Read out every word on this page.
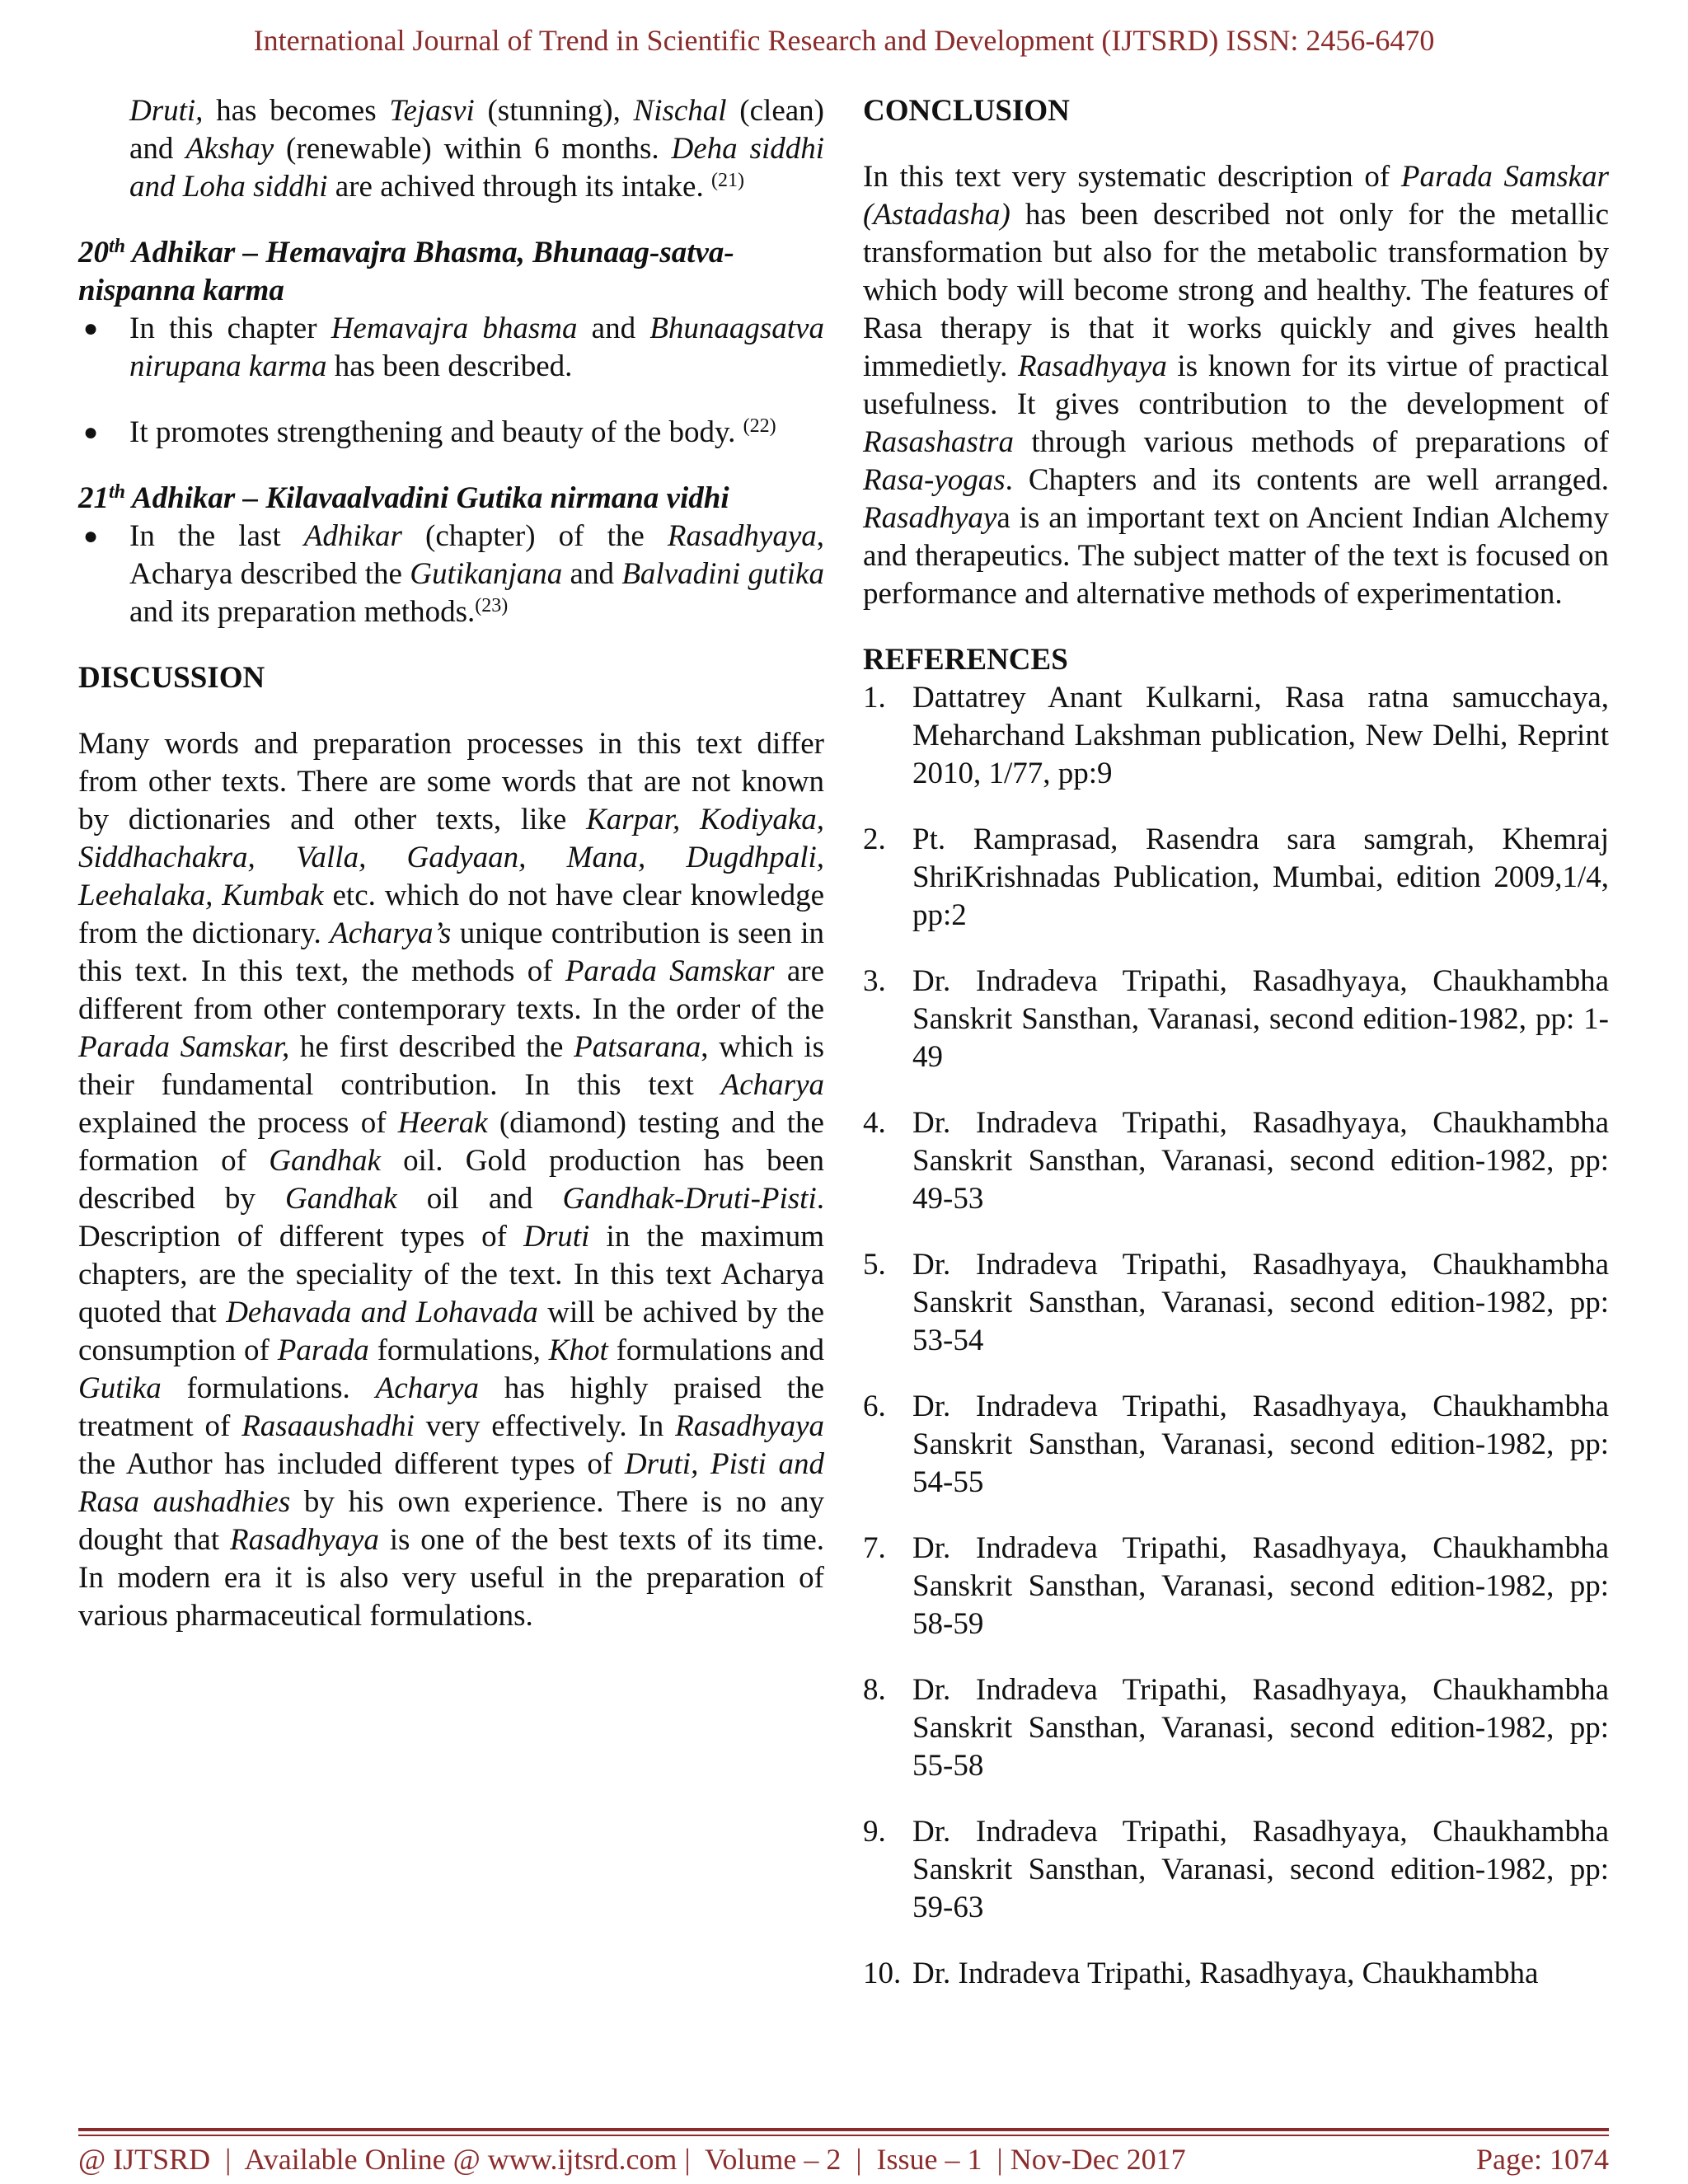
International Journal of Trend in Scientific Research and Development (IJTSRD) ISSN: 2456-6470

Druti, has becomes Tejasvi (stunning), Nischal (clean) and Akshay (renewable) within 6 months. Deha siddhi and Loha siddhi are achived through its intake. $^{(21)}$

20th Adhikar – Hemavajra Bhasma, Bhunaag-satva-nispanna karma

● In this chapter Hemavajra bhasma and Bhunaagsatva nirupana karma has been described.
● It promotes strengthening and beauty of the body. $^{(22)}$

21th Adhikar – Kilavaalvadini Gutika nirmana vidhi

● In the last Adhikar (chapter) of the Rasadhyaya, Acharya described the Gutikanjana and Balvadini gutika and its preparation methods.$^{(23)}$

DISCUSSION

Many words and preparation processes in this text differ from other texts. There are some words that are not known by dictionaries and other texts, like Karpar, Kodiyaka, Siddhachakra, Valla, Gadyaan, Mana, Dugdhpali, Leehalaka, Kumbak etc. which do not have clear knowledge from the dictionary. Acharya’s unique contribution is seen in this text. In this text, the methods of Parada Samskar are different from other contemporary texts. In the order of the Parada Samskar, he first described the Patsarana, which is their fundamental contribution. In this text Acharya explained the process of Heerak (diamond) testing and the formation of Gandhak oil. Gold production has been described by Gandhak oil and Gandhak-Druti-Pisti. Description of different types of Druti in the maximum chapters, are the speciality of the text. In this text Acharya quoted that Dehavada and Lohavada will be achived by the consumption of Parada formulations, Khot formulations and Gutika formulations. Acharya has highly praised the treatment of Rasaaushadhi very effectively. In Rasadhyaya the Author has included different types of Druti, Pisti and Rasa aushadhies by his own experience. There is no any dought that Rasadhyaya is one of the best texts of its time. In modern era it is also very useful in the preparation of various pharmaceutical formulations.

CONCLUSION

In this text very systematic description of Parada Samskar (Astadasha) has been described not only for the metallic transformation but also for the metabolic transformation by which body will become strong and healthy. The features of Rasa therapy is that it works quickly and gives health immedietly. Rasadhyaya is known for its virtue of practical usefulness. It gives contribution to the development of Rasashastra through various methods of preparations of Rasa-yogas. Chapters and its contents are well arranged. Rasadhyaya is an important text on Ancient Indian Alchemy and therapeutics. The subject matter of the text is focused on performance and alternative methods of experimentation.

REFERENCES

1. Dattatrey Anant Kulkarni, Rasa ratna samucchaya, Meharchand Lakshman publication, New Delhi, Reprint 2010, 1/77, pp:9
2. Pt. Ramprasad, Rasendra sara samgrah, Khemraj ShriKrishnadas Publication, Mumbai, edition 2009,1/4, pp:2
3. Dr. Indradeva Tripathi, Rasadhyaya, Chaukhambha Sanskrit Sansthan, Varanasi, second edition-1982, pp: 1-49
4. Dr. Indradeva Tripathi, Rasadhyaya, Chaukhambha Sanskrit Sansthan, Varanasi, second edition-1982, pp: 49-53
5. Dr. Indradeva Tripathi, Rasadhyaya, Chaukhambha Sanskrit Sansthan, Varanasi, second edition-1982, pp: 53-54
6. Dr. Indradeva Tripathi, Rasadhyaya, Chaukhambha Sanskrit Sansthan, Varanasi, second edition-1982, pp: 54-55
7. Dr. Indradeva Tripathi, Rasadhyaya, Chaukhambha Sanskrit Sansthan, Varanasi, second edition-1982, pp: 58-59
8. Dr. Indradeva Tripathi, Rasadhyaya, Chaukhambha Sanskrit Sansthan, Varanasi, second edition-1982, pp: 55-58
9. Dr. Indradeva Tripathi, Rasadhyaya, Chaukhambha Sanskrit Sansthan, Varanasi, second edition-1982, pp: 59-63
10. Dr. Indradeva Tripathi, Rasadhyaya, Chaukhambha
@ IJTSRD  |  Available Online @ www.ijtsrd.com |  Volume – 2  |  Issue – 1  | Nov-Dec 2017	Page: 1074
